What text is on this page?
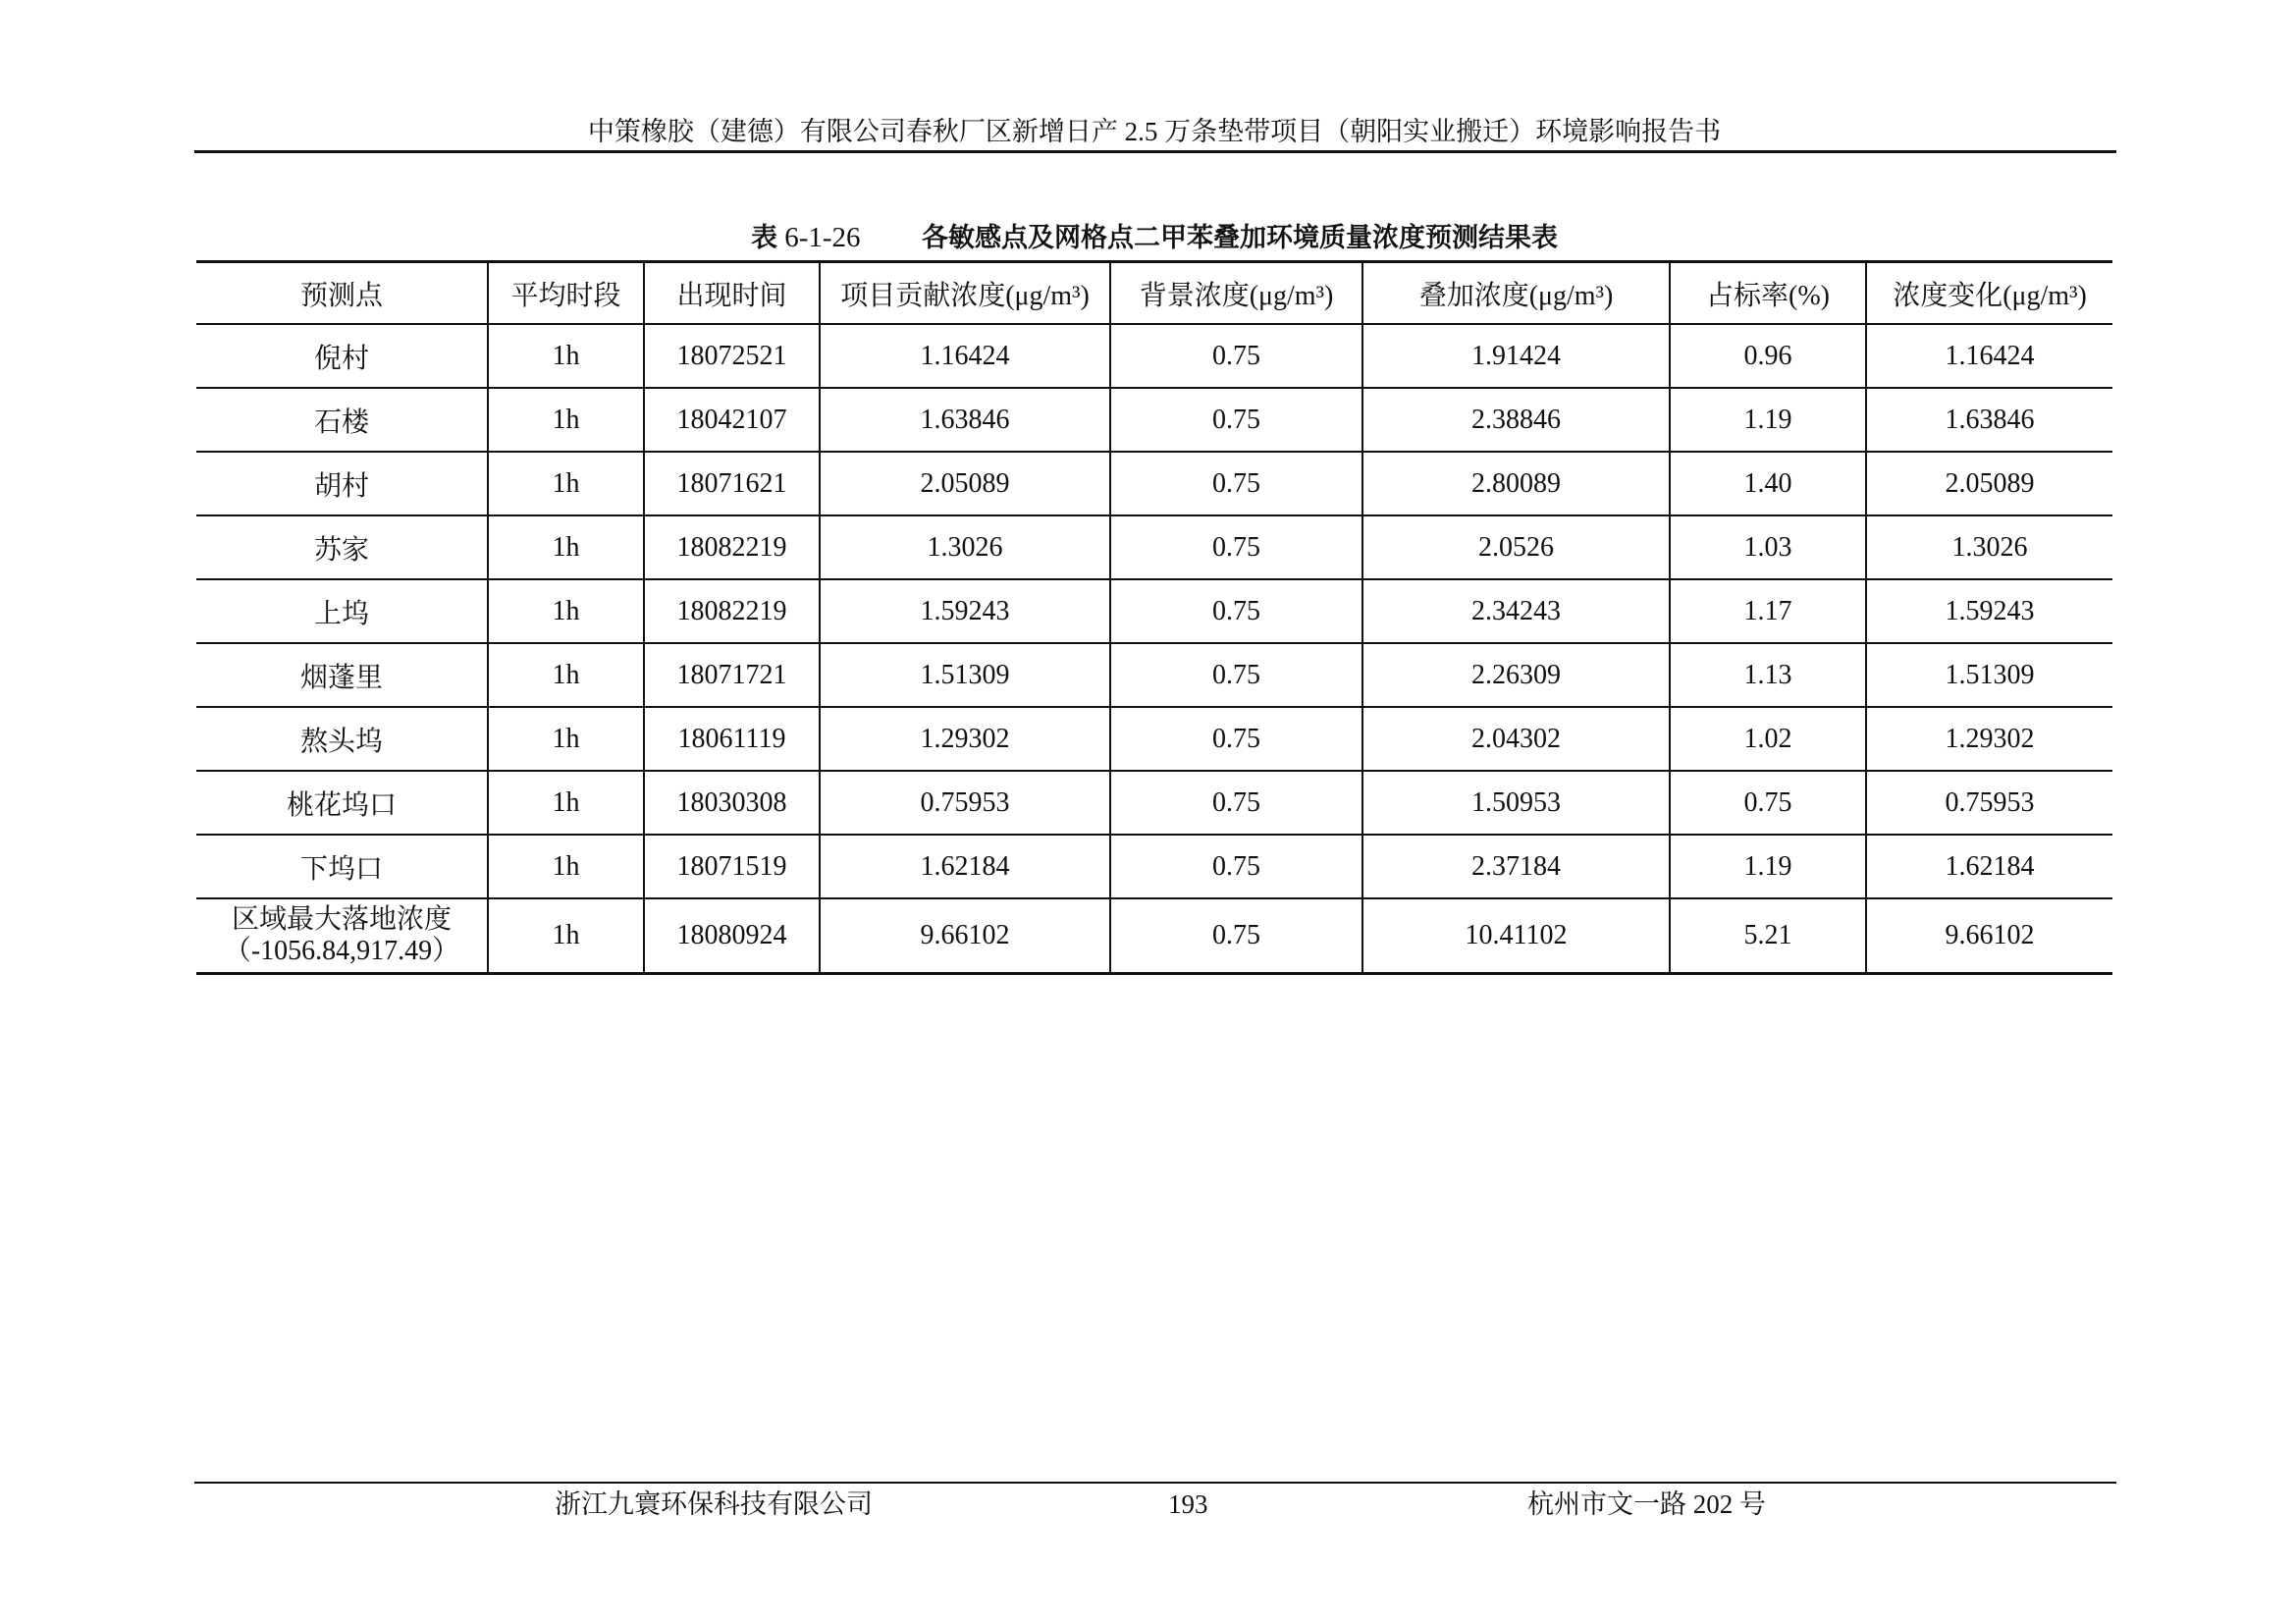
中策橡胶（建德）有限公司春秋厂区新增日产 2.5 万条垫带项目（朝阳实业搬迁）环境影响报告书
表 6-1-26 各敏感点及网格点二甲苯叠加环境质量浓度预测结果表
预测点	平均时段	出现时间	项目贡献浓度(μg/m³)	背景浓度(μg/m³)	叠加浓度(μg/m³)	占标率(%)	浓度变化(μg/m³)
倪村	1h	18072521	1.16424	0.75	1.91424	0.96	1.16424
石楼	1h	18042107	1.63846	0.75	2.38846	1.19	1.63846
胡村	1h	18071621	2.05089	0.75	2.80089	1.40	2.05089
苏家	1h	18082219	1.3026	0.75	2.0526	1.03	1.3026
上坞	1h	18082219	1.59243	0.75	2.34243	1.17	1.59243
烟蓬里	1h	18071721	1.51309	0.75	2.26309	1.13	1.51309
熬头坞	1h	18061119	1.29302	0.75	2.04302	1.02	1.29302
桃花坞口	1h	18030308	0.75953	0.75	1.50953	0.75	0.75953
下坞口	1h	18071519	1.62184	0.75	2.37184	1.19	1.62184

区域最大落地浓度
（-1056.84,917.49）	1h	18080924	9.66102	0.75	10.41102	5.21	9.66102
浙江九寰环保科技有限公司	193	杭州市文一路 202 号
